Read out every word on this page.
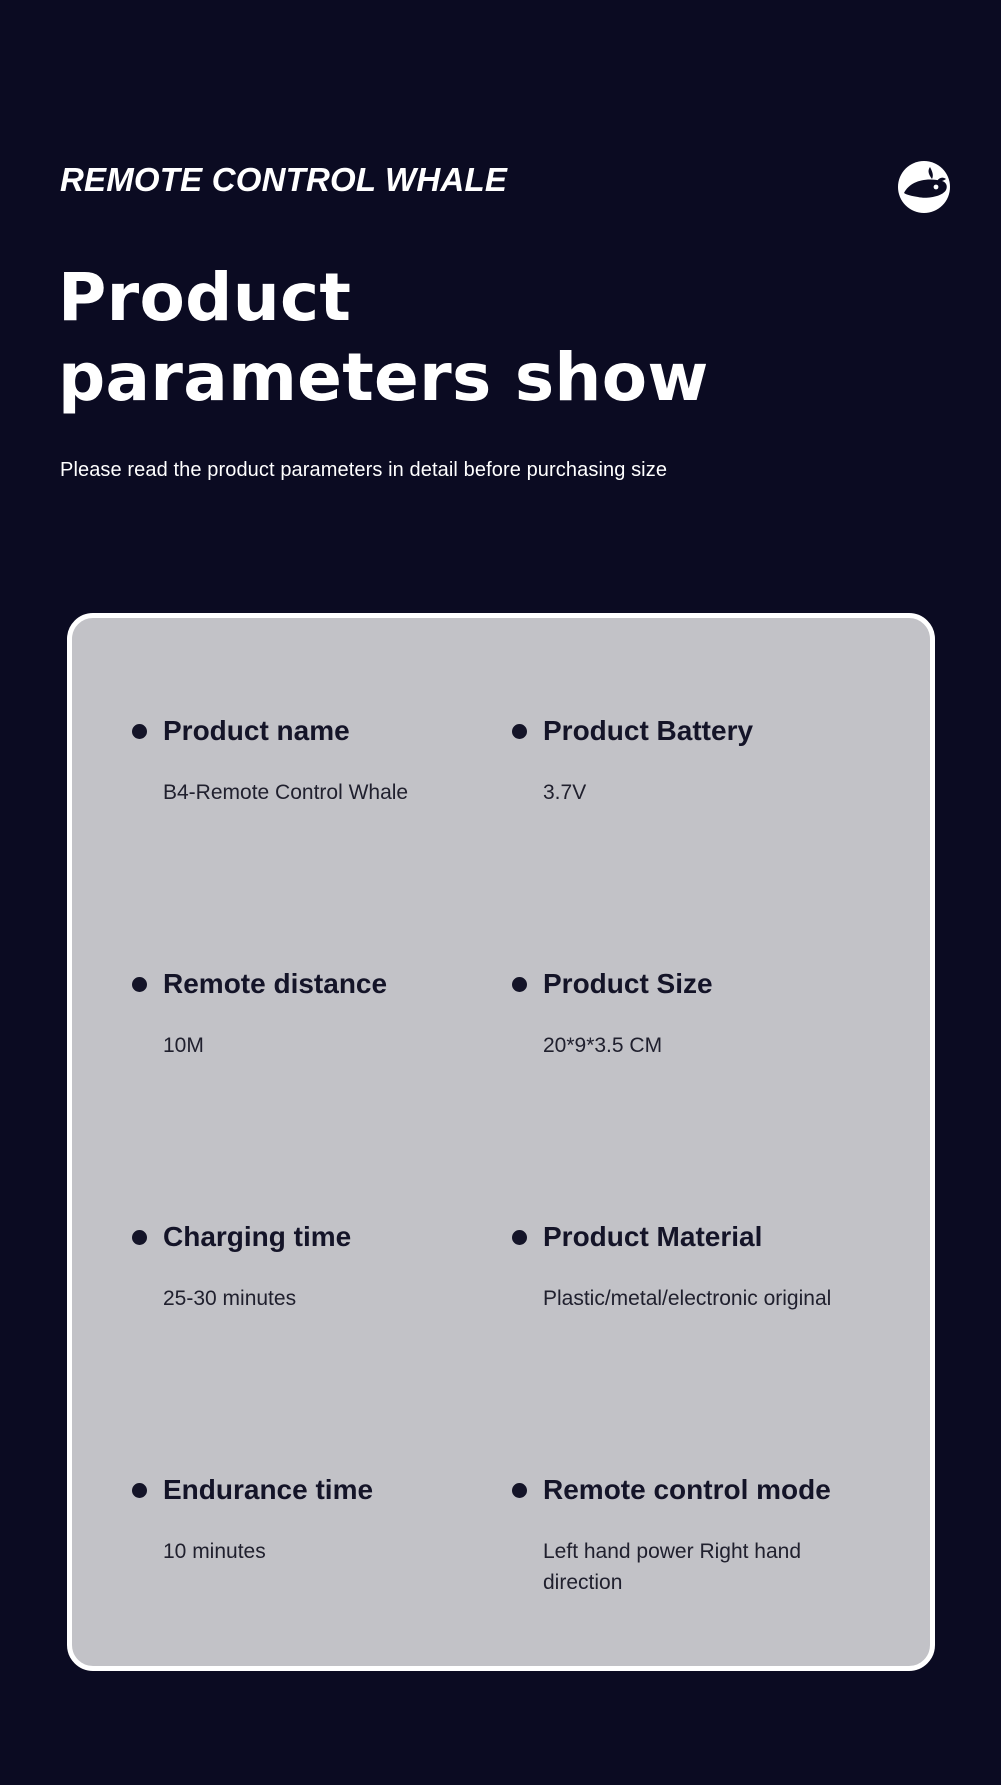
REMOTE CONTROL WHALE
Product
parameters show

Please read the product parameters in detail before purchasing size

Product name
B4-Remote Control Whale
Product Battery
3.7V
Remote distance
10M
Product Size
20*9*3.5 CM
Charging time
25-30 minutes
Product Material
Plastic/metal/electronic original
Endurance time
10 minutes
Remote control mode
Left hand power Right hand direction
